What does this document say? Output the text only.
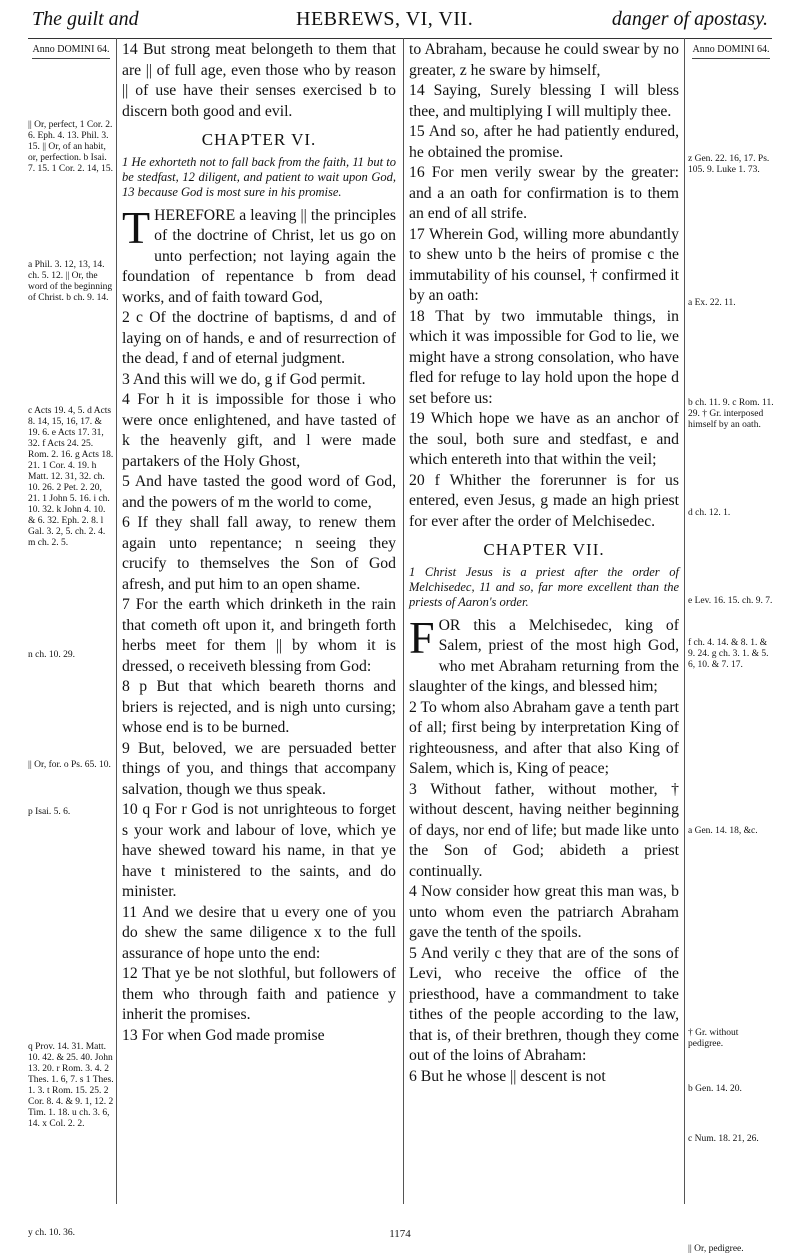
The guilt and	HEBREWS, VI, VII.	danger of apostasy.
Anno DOMINI 64.
|| Or, perfect, 1 Cor. 2. 6. Eph. 4. 13. Phil. 3. 15. || Or, of an habit, or, perfection. b Isai. 7. 15. 1 Cor. 2. 14, 15.
a Phil. 3. 12, 13, 14. ch. 5. 12. || Or, the word of the beginning of Christ. b ch. 9. 14.
c Acts 19. 4, 5. d Acts 8. 14, 15, 16, 17. & 19. 6. e Acts 17. 31, 32. f Acts 24. 25. Rom. 2. 16. g Acts 18. 21. 1 Cor. 4. 19. h Matt. 12. 31, 32. ch. 10. 26. 2 Pet. 2. 20, 21. 1 John 5. 16. i ch. 10. 32. k John 4. 10. & 6. 32. Eph. 2. 8. l Gal. 3. 2, 5. ch. 2. 4. m ch. 2. 5.
n ch. 10. 29.
|| Or, for. o Ps. 65. 10.
p Isai. 5. 6.
q Prov. 14. 31. Matt. 10. 42. & 25. 40. John 13. 20. r Rom. 3. 4. 2 Thes. 1. 6, 7. s 1 Thes. 1. 3. t Rom. 15. 25. 2 Cor. 8. 4. & 9. 1, 12. 2 Tim. 1. 18. u ch. 3. 6, 14. x Col. 2. 2.
y ch. 10. 36.
Anno DOMINI 64.
z Gen. 22. 16, 17. Ps. 105. 9. Luke 1. 73.
a Ex. 22. 11.
b ch. 11. 9. c Rom. 11. 29. † Gr. interposed himself by an oath.
d ch. 12. 1.
e Lev. 16. 15. ch. 9. 7.
f ch. 4. 14. & 8. 1. & 9. 24. g ch. 3. 1. & 5. 6, 10. & 7. 17.
a Gen. 14. 18, &c.
† Gr. without pedigree.
b Gen. 14. 20.
c Num. 18. 21, 26.
|| Or, pedigree.

14 But strong meat belongeth to them that are || of full age, even those who by reason || of use have their senses exercised b to discern both good and evil.

CHAPTER VI.
1 He exhorteth not to fall back from the faith, 11 but to be stedfast, 12 diligent, and patient to wait upon God, 13 because God is most sure in his promise.

THEREFORE a leaving || the principles of the doctrine of Christ, let us go on unto perfection; not laying again the foundation of repentance b from dead works, and of faith toward God,

2 c Of the doctrine of baptisms, d and of laying on of hands, e and of resurrection of the dead, f and of eternal judgment.

3 And this will we do, g if God permit.

4 For h it is impossible for those i who were once enlightened, and have tasted of k the heavenly gift, and l were made partakers of the Holy Ghost,

5 And have tasted the good word of God, and the powers of m the world to come,

6 If they shall fall away, to renew them again unto repentance; n seeing they crucify to themselves the Son of God afresh, and put him to an open shame.

7 For the earth which drinketh in the rain that cometh oft upon it, and bringeth forth herbs meet for them || by whom it is dressed, o receiveth blessing from God:

8 p But that which beareth thorns and briers is rejected, and is nigh unto cursing; whose end is to be burned.

9 But, beloved, we are persuaded better things of you, and things that accompany salvation, though we thus speak.

10 q For r God is not unrighteous to forget s your work and labour of love, which ye have shewed toward his name, in that ye have t ministered to the saints, and do minister.

11 And we desire that u every one of you do shew the same diligence x to the full assurance of hope unto the end:

12 That ye be not slothful, but followers of them who through faith and patience y inherit the promises.

13 For when God made promise

to Abraham, because he could swear by no greater, z he sware by himself,

14 Saying, Surely blessing I will bless thee, and multiplying I will multiply thee.

15 And so, after he had patiently endured, he obtained the promise.

16 For men verily swear by the greater: and a an oath for confirmation is to them an end of all strife.

17 Wherein God, willing more abundantly to shew unto b the heirs of promise c the immutability of his counsel, † confirmed it by an oath:

18 That by two immutable things, in which it was impossible for God to lie, we might have a strong consolation, who have fled for refuge to lay hold upon the hope d set before us:

19 Which hope we have as an anchor of the soul, both sure and stedfast, e and which entereth into that within the veil;

20 f Whither the forerunner is for us entered, even Jesus, g made an high priest for ever after the order of Melchisedec.

CHAPTER VII.
1 Christ Jesus is a priest after the order of Melchisedec, 11 and so, far more excellent than the priests of Aaron's order.

FOR this a Melchisedec, king of Salem, priest of the most high God, who met Abraham returning from the slaughter of the kings, and blessed him;

2 To whom also Abraham gave a tenth part of all; first being by interpretation King of righteousness, and after that also King of Salem, which is, King of peace;

3 Without father, without mother, † without descent, having neither beginning of days, nor end of life; but made like unto the Son of God; abideth a priest continually.

4 Now consider how great this man was, b unto whom even the patriarch Abraham gave the tenth of the spoils.

5 And verily c they that are of the sons of Levi, who receive the office of the priesthood, have a commandment to take tithes of the people according to the law, that is, of their brethren, though they come out of the loins of Abraham:

6 But he whose || descent is not

1174
